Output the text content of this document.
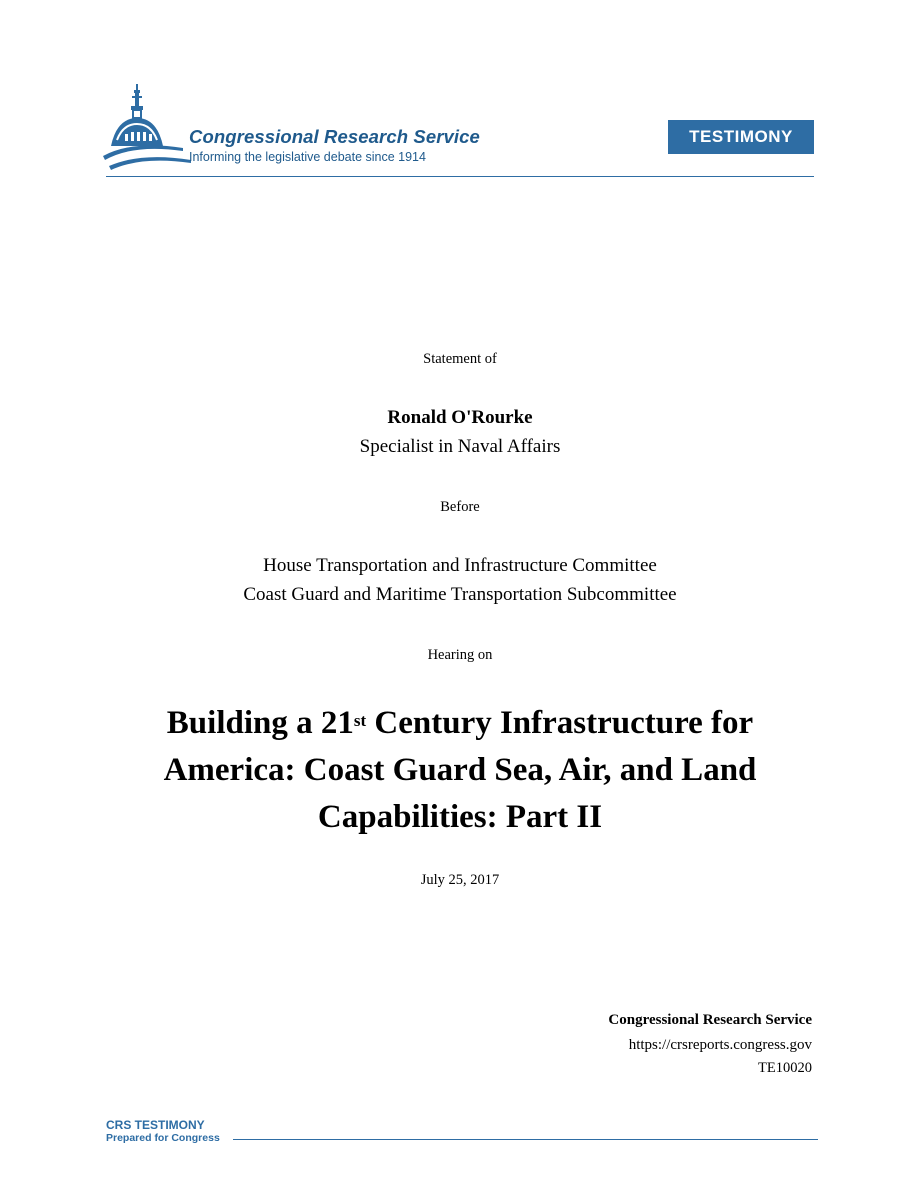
Congressional Research Service
Informing the legislative debate since 1914
TESTIMONY
Statement of
Ronald O'Rourke
Specialist in Naval Affairs
Before
House Transportation and Infrastructure Committee
Coast Guard and Maritime Transportation Subcommittee
Hearing on
Building a 21st Century Infrastructure for
America: Coast Guard Sea, Air, and Land
Capabilities: Part II
July 25, 2017
Congressional Research Service
https://crsreports.congress.gov
TE10020
CRS TESTIMONY
Prepared for Congress
